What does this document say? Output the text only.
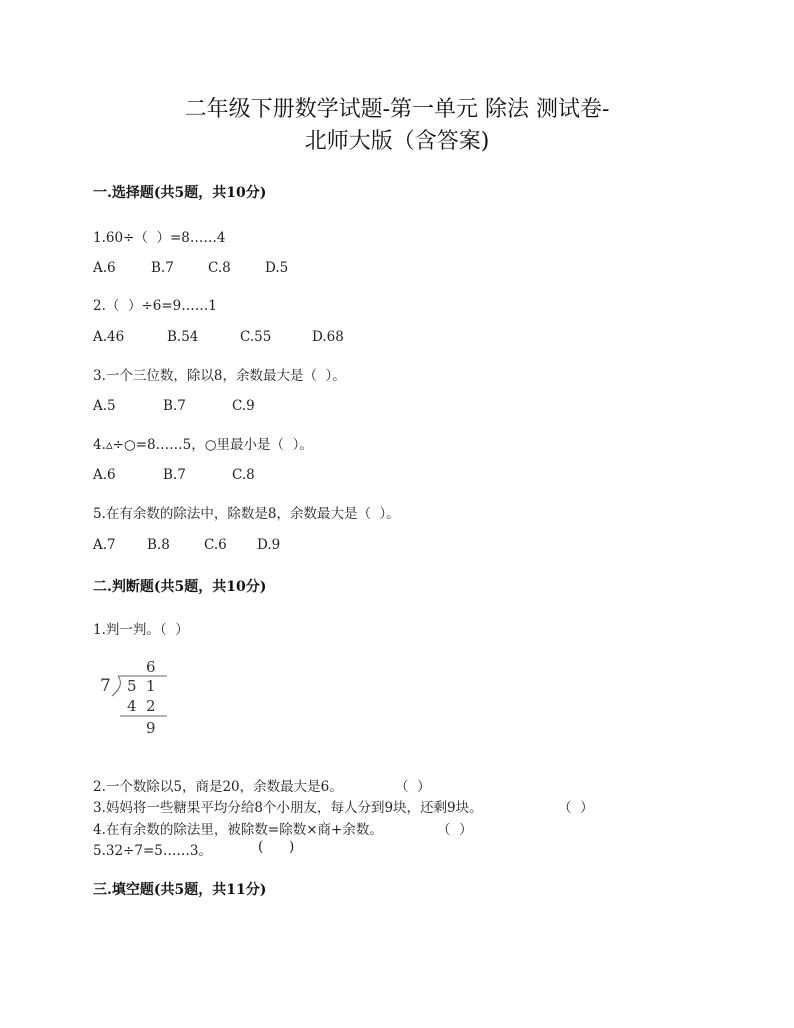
二年级下册数学试题-第一单元 除法 测试卷-
北师大版（含答案)
一.选择题(共5题，共10分)
1.60÷（  ）=8……4
A.6	B.7	C.8	D.5
2.（  ）÷6=9……1
A.46	B.54	C.55	D.68
3.一个三位数，除以8，余数最大是（  ）。
A.5	B.7	C.9
4.▵÷○=8……5，○里最小是（  ）。
A.6	B.7	C.8
5.在有余数的除法中，除数是8，余数最大是（  ）。
A.7 B.8	C.6 D.9
二.判断题(共5题，共10分)
1.判一判。（  ）
6
7 5 1
4 2
9
2.一个数除以5，商是20，余数最大是6。	（  ）
3.妈妈将一些糖果平均分给8个小朋友，每人分到9块，还剩9块。	（  ）
4.在有余数的除法里，被除数=除数×商+余数。	（  ）
5.32÷7=5……3。	(      )
三.填空题(共5题，共11分)
